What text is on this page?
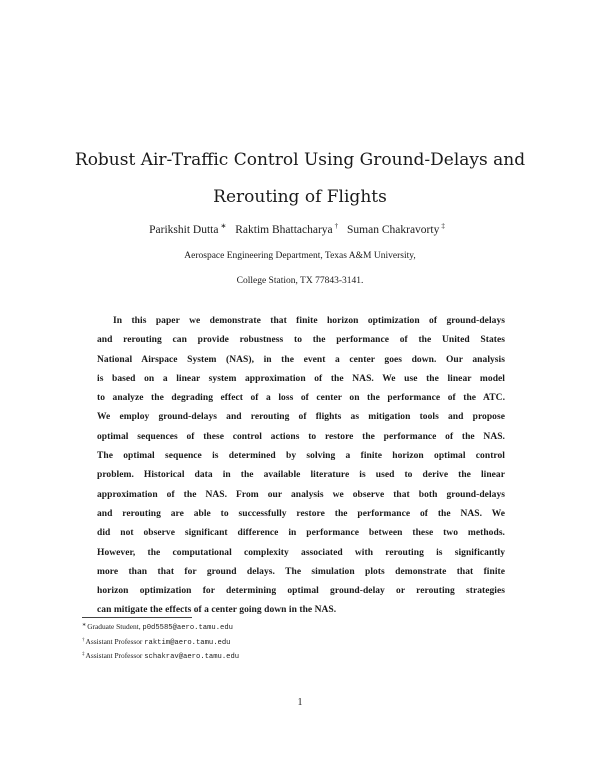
Robust Air-Traffic Control Using Ground-Delays and
Rerouting of Flights
Parikshit Dutta ∗ Raktim Bhattacharya † Suman Chakravorty ‡
Aerospace Engineering Department, Texas A&M University,
College Station, TX 77843-3141.
In this paper we demonstrate that finite horizon optimization of ground-delays
and rerouting can provide robustness to the performance of the United States
National Airspace System (NAS), in the event a center goes down. Our analysis
is based on a linear system approximation of the NAS. We use the linear model
to analyze the degrading effect of a loss of center on the performance of the ATC.
We employ ground-delays and rerouting of flights as mitigation tools and propose
optimal sequences of these control actions to restore the performance of the NAS.
The optimal sequence is determined by solving a finite horizon optimal control
problem. Historical data in the available literature is used to derive the linear
approximation of the NAS. From our analysis we observe that both ground-delays
and rerouting are able to successfully restore the performance of the NAS. We
did not observe significant difference in performance between these two methods.
However, the computational complexity associated with rerouting is significantly
more than that for ground delays. The simulation plots demonstrate that finite
horizon optimization for determining optimal ground-delay or rerouting strategies
can mitigate the effects of a center going down in the NAS.
∗Graduate Student, p0d5585@aero.tamu.edu
†Assistant Professor raktim@aero.tamu.edu
‡Assistant Professor schakrav@aero.tamu.edu
1
